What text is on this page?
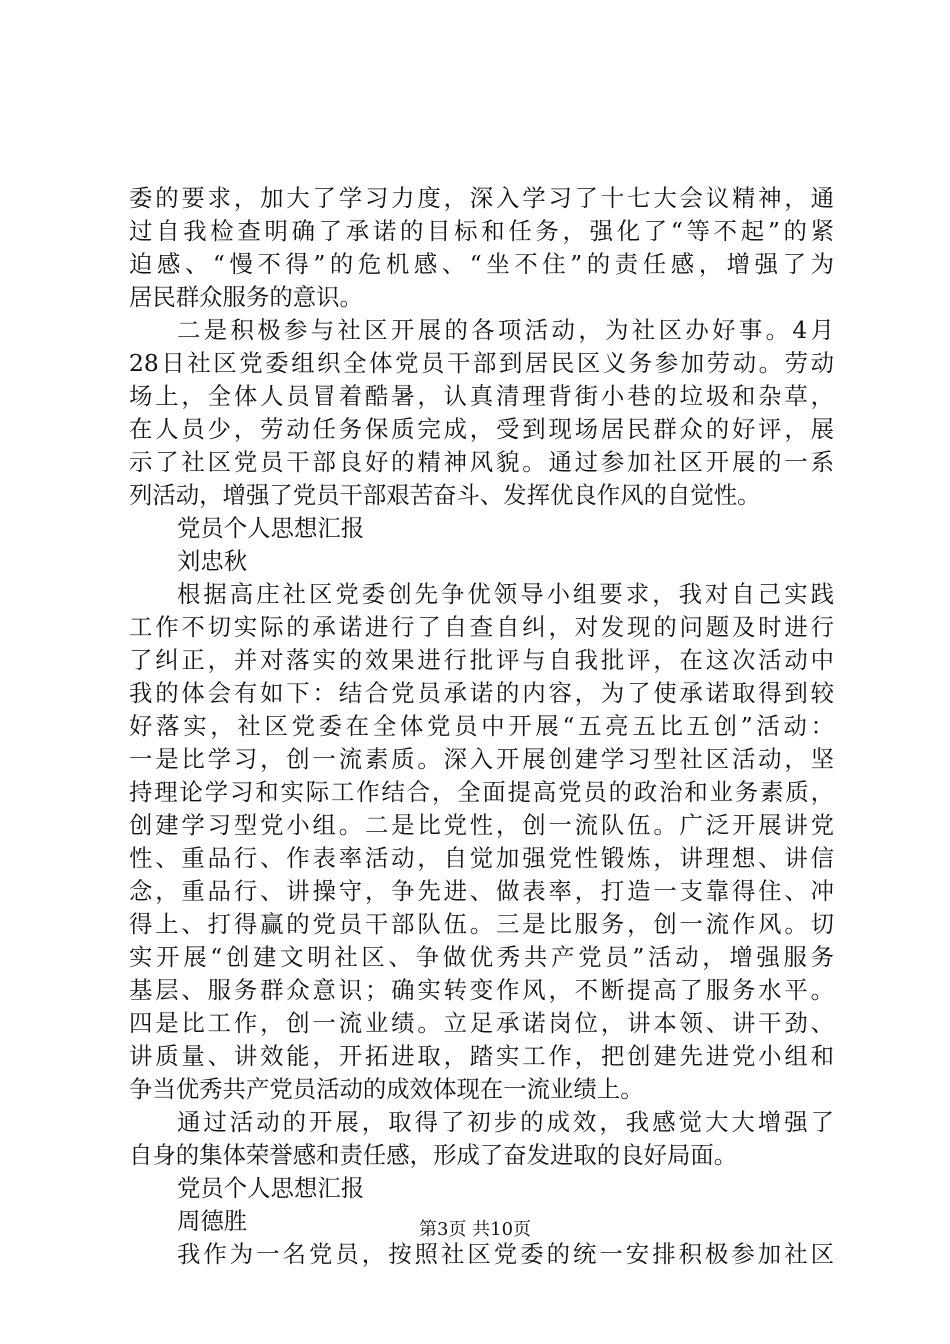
委的要求，加大了学习力度，深入学习了十七大会议精神，通
过自我检查明确了承诺的目标和任务，强化了“等不起”的紧
迫感、“慢不得”的危机感、“坐不住”的责任感，增强了为
居民群众服务的意识。
二是积极参与社区开展的各项活动，为社区办好事。4月
28日社区党委组织全体党员干部到居民区义务参加劳动。劳动
场上，全体人员冒着酷暑，认真清理背街小巷的垃圾和杂草，
在人员少，劳动任务保质完成，受到现场居民群众的好评，展
示了社区党员干部良好的精神风貌。通过参加社区开展的一系
列活动，增强了党员干部艰苦奋斗、发挥优良作风的自觉性。
党员个人思想汇报
刘忠秋
根据高庄社区党委创先争优领导小组要求，我对自己实践
工作不切实际的承诺进行了自查自纠，对发现的问题及时进行
了纠正，并对落实的效果进行批评与自我批评，在这次活动中
我的体会有如下：结合党员承诺的内容，为了使承诺取得到较
好落实，社区党委在全体党员中开展“五亮五比五创”活动：
一是比学习，创一流素质。深入开展创建学习型社区活动，坚
持理论学习和实际工作结合，全面提高党员的政治和业务素质，
创建学习型党小组。二是比党性，创一流队伍。广泛开展讲党
性、重品行、作表率活动，自觉加强党性锻炼，讲理想、讲信
念，重品行、讲操守，争先进、做表率，打造一支靠得住、冲
得上、打得赢的党员干部队伍。三是比服务，创一流作风。切
实开展“创建文明社区、争做优秀共产党员”活动，增强服务
基层、服务群众意识；确实转变作风，不断提高了服务水平。
四是比工作，创一流业绩。立足承诺岗位，讲本领、讲干劲、
讲质量、讲效能，开拓进取，踏实工作，把创建先进党小组和
争当优秀共产党员活动的成效体现在一流业绩上。
通过活动的开展，取得了初步的成效，我感觉大大增强了
自身的集体荣誉感和责任感，形成了奋发进取的良好局面。
党员个人思想汇报
周德胜
我作为一名党员，按照社区党委的统一安排积极参加社区
第3页 共10页
